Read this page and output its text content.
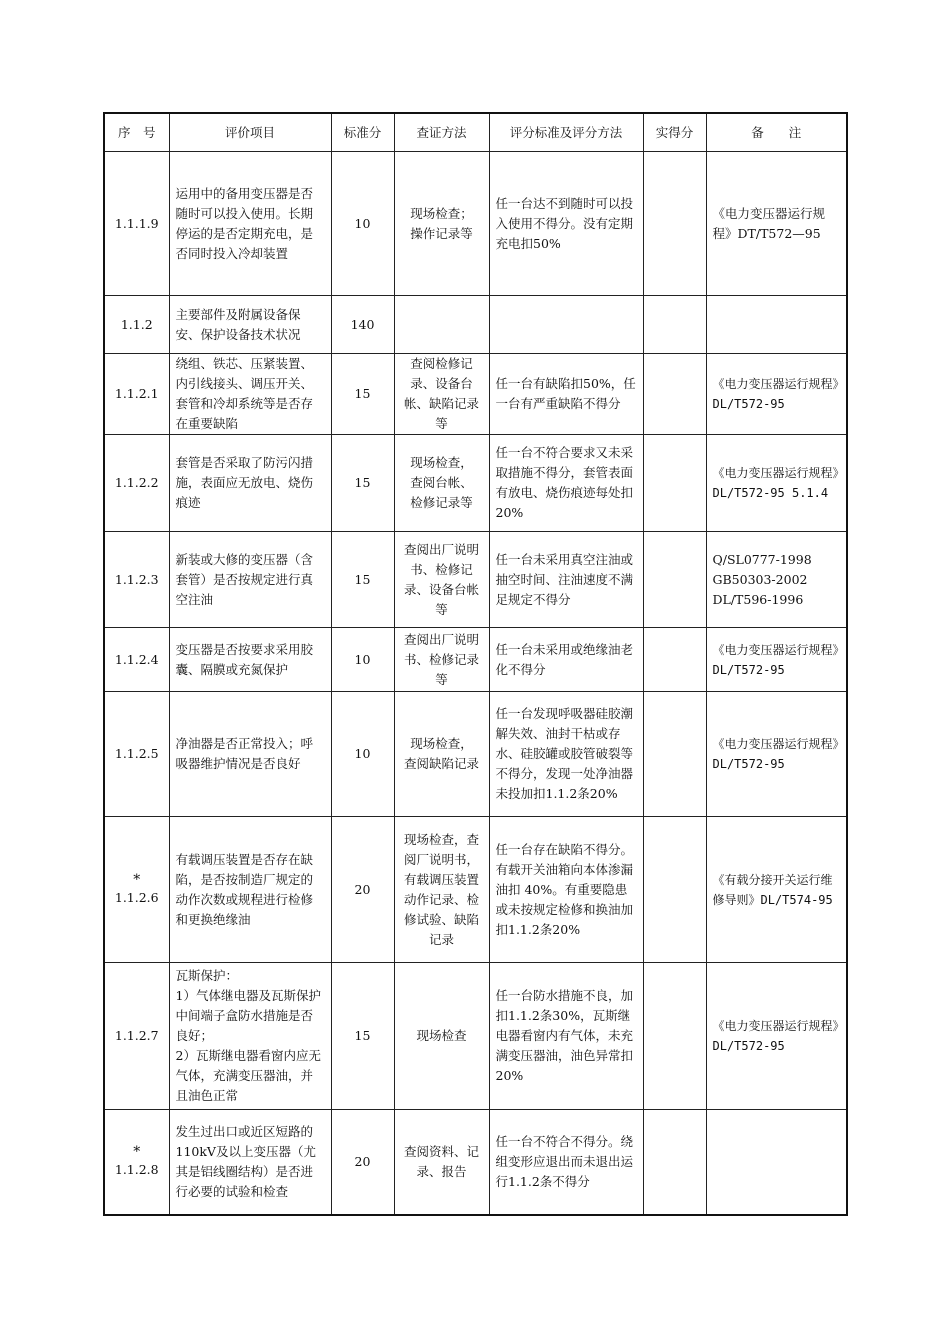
序　号	评价项目	标准分	查证方法	评分标准及评分方法	实得分	备　　注

1.1.1.9	运用中的备用变压器是否随时可以投入使用。长期停运的是否定期充电，是否同时投入冷却装置	10	现场检查；
操作记录等	任一台达不到随时可以投入使用不得分。没有定期充电扣50%		《电力变压器运行规程》DT/T572—95

1.1.2	主要部件及附属设备保安、保护设备技术状况	140				

1.1.2.1	绕组、铁芯、压紧装置、内引线接头、调压开关、套管和冷却系统等是否存在重要缺陷	15	查阅检修记录、设备台帐、缺陷记录等	任一台有缺陷扣50%，任一台有严重缺陷不得分		《电力变压器运行规程》DL/T572-95

1.1.2.2	套管是否采取了防污闪措施，表面应无放电、烧伤痕迹	15	现场检查，
查阅台帐、
检修记录等	任一台不符合要求又未采取措施不得分，套管表面有放电、烧伤痕迹每处扣20%		《电力变压器运行规程》DL/T572-95 5.1.4

1.1.2.3	新装或大修的变压器（含套管）是否按规定进行真空注油	15	查阅出厂说明书、检修记录、设备台帐等	任一台未采用真空注油或抽空时间、注油速度不满足规定不得分		Q/SL0777-1998
GB50303-2002
DL/T596-1996

1.1.2.4	变压器是否按要求采用胶囊、隔膜或充氮保护	10	查阅出厂说明书、检修记录等	任一台未采用或绝缘油老化不得分		《电力变压器运行规程》DL/T572-95

1.1.2.5	净油器是否正常投入；呼吸器维护情况是否良好	10	现场检查，
查阅缺陷记录	任一台发现呼吸器硅胶潮解失效、油封干枯或存水、硅胶罐或胶管破裂等不得分，发现一处净油器未投加扣1.1.2条20%		《电力变压器运行规程》DL/T572-95

*
1.1.2.6	有载调压装置是否存在缺陷，是否按制造厂规定的动作次数或规程进行检修和更换绝缘油	20	现场检查，查阅厂说明书，有载调压装置动作记录、检修试验、缺陷记录	任一台存在缺陷不得分。有载开关油箱向本体渗漏油扣 40%。有重要隐患或未按规定检修和换油加扣1.1.2条20%		《有载分接开关运行维修导则》DL/T574-95

1.1.2.7	瓦斯保护：
1）气体继电器及瓦斯保护中间端子盒防水措施是否良好；
2）瓦斯继电器看窗内应无气体，充满变压器油，并且油色正常	15	现场检查	任一台防水措施不良，加扣1.1.2条30%，瓦斯继电器看窗内有气体，未充满变压器油，油色异常扣20%		《电力变压器运行规程》DL/T572-95

*
1.1.2.8	发生过出口或近区短路的110kV及以上变压器（尤其是铝线圈结构）是否进行必要的试验和检查	20	查阅资料、记录、报告	任一台不符合不得分。绕组变形应退出而未退出运行1.1.2条不得分		
